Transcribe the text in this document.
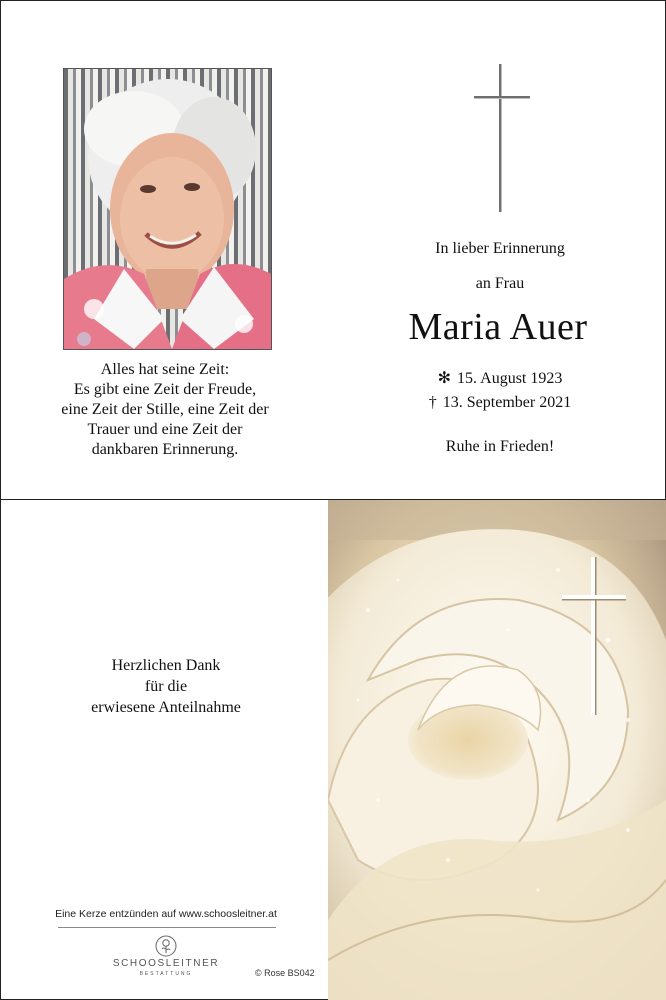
Alles hat seine Zeit:
Es gibt eine Zeit der Freude,
eine Zeit der Stille, eine Zeit der
Trauer und eine Zeit der
dankbaren Erinnerung.
In lieber Erinnerung
an Frau
Maria Auer
✻ 15. August 1923
† 13. September 2021
Ruhe in Frieden!
Herzlichen Dank
für die
erwiesene Anteilnahme
Eine Kerze entzünden auf www.schoosleitner.at
SCHOOSLEITNER
BESTATTUNG	© Rose BS042
